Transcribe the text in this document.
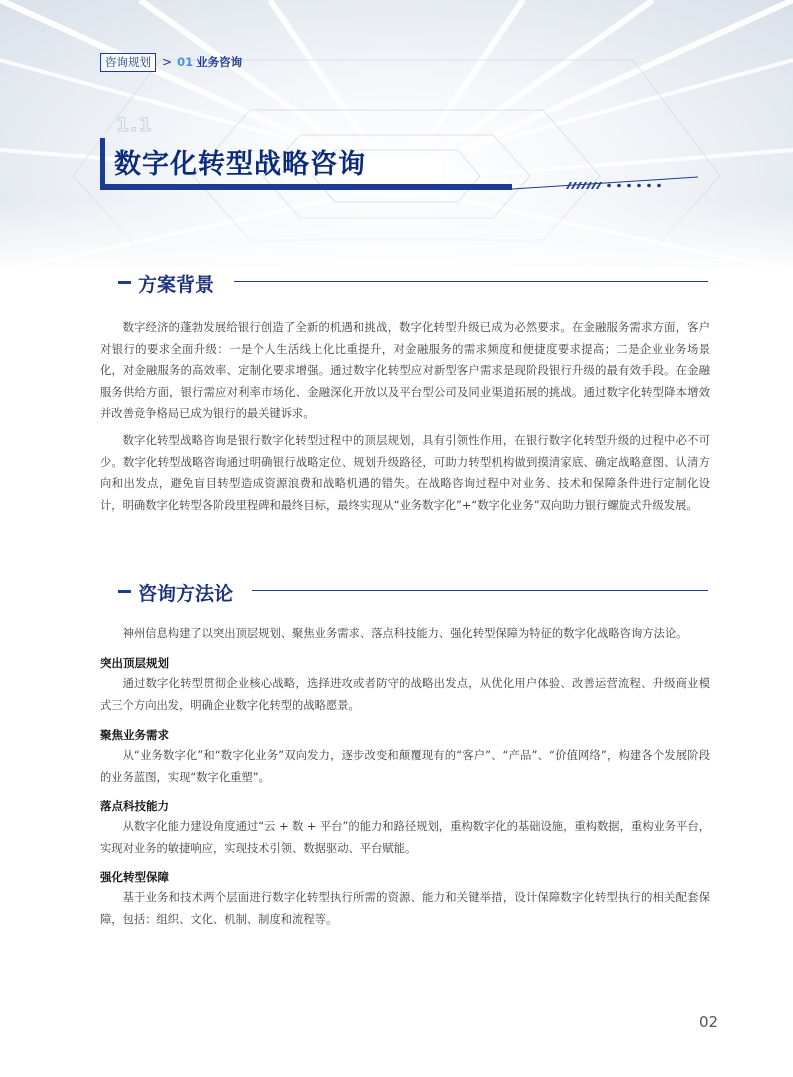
咨询规划 > 01 业务咨询
1.1
数字化转型战略咨询
方案背景

数字经济的蓬勃发展给银行创造了全新的机遇和挑战，数字化转型升级已成为必然要求。在金融服务需求方面，客户对银行的要求全面升级：一是个人生活线上化比重提升，对金融服务的需求频度和便捷度要求提高；二是企业业务场景化，对金融服务的高效率、定制化要求增强。通过数字化转型应对新型客户需求是现阶段银行升级的最有效手段。在金融服务供给方面，银行需应对利率市场化、金融深化开放以及平台型公司及同业渠道拓展的挑战。通过数字化转型降本增效并改善竞争格局已成为银行的最关键诉求。

数字化转型战略咨询是银行数字化转型过程中的顶层规划，具有引领性作用，在银行数字化转型升级的过程中必不可少。数字化转型战略咨询通过明确银行战略定位、规划升级路径，可助力转型机构做到摸清家底、确定战略意图、认清方向和出发点，避免盲目转型造成资源浪费和战略机遇的错失。在战略咨询过程中对业务、技术和保障条件进行定制化设计，明确数字化转型各阶段里程碑和最终目标，最终实现从“业务数字化”+“数字化业务”双向助力银行螺旋式升级发展。

咨询方法论

神州信息构建了以突出顶层规划、聚焦业务需求、落点科技能力、强化转型保障为特征的数字化战略咨询方法论。

突出顶层规划

通过数字化转型贯彻企业核心战略，选择进攻或者防守的战略出发点，从优化用户体验、改善运营流程、升级商业模式三个方向出发，明确企业数字化转型的战略愿景。

聚焦业务需求

从“业务数字化”和“数字化业务”双向发力，逐步改变和颠覆现有的“客户”、“产品”、“价值网络”，构建各个发展阶段的业务蓝图，实现“数字化重塑”。

落点科技能力

从数字化能力建设角度通过“云 + 数 + 平台”的能力和路径规划，重构数字化的基础设施，重构数据，重构业务平台，实现对业务的敏捷响应，实现技术引领、数据驱动、平台赋能。

强化转型保障

基于业务和技术两个层面进行数字化转型执行所需的资源、能力和关键举措，设计保障数字化转型执行的相关配套保障，包括：组织、文化、机制、制度和流程等。

02
